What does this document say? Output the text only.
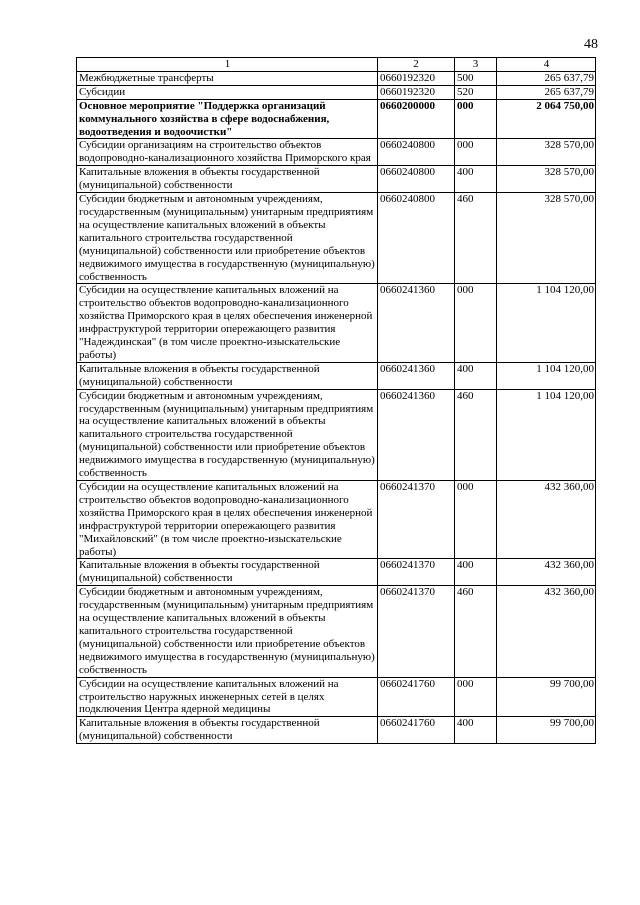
48
1	2	3	4
Межбюджетные трансферты	0660192320	500	265 637,79
Субсидии	0660192320	520	265 637,79
Основное мероприятие "Поддержка организаций коммунального хозяйства в сфере водоснабжения, водоотведения и водоочистки"	0660200000	000	2 064 750,00
Субсидии организациям на строительство объектов водопроводно-канализационного хозяйства Приморского края	0660240800	000	328 570,00
Капитальные вложения в объекты государственной (муниципальной) собственности	0660240800	400	328 570,00
Субсидии бюджетным и автономным учреждениям, государственным (муниципальным) унитарным предприятиям на осуществление капитальных вложений в объекты капитального строительства государственной (муниципальной) собственности или приобретение объектов недвижимого имущества в государственную (муниципальную) собственность	0660240800	460	328 570,00
Субсидии на осуществление капитальных вложений на строительство объектов водопроводно-канализационного хозяйства Приморского края в целях обеспечения инженерной инфраструктурой территории опережающего развития "Надеждинская" (в том числе проектно-изыскательские работы)	0660241360	000	1 104 120,00
Капитальные вложения в объекты государственной (муниципальной) собственности	0660241360	400	1 104 120,00
Субсидии бюджетным и автономным учреждениям, государственным (муниципальным) унитарным предприятиям на осуществление капитальных вложений в объекты капитального строительства государственной (муниципальной) собственности или приобретение объектов недвижимого имущества в государственную (муниципальную) собственность	0660241360	460	1 104 120,00
Субсидии на осуществление капитальных вложений на строительство объектов водопроводно-канализационного хозяйства Приморского края в целях обеспечения инженерной инфраструктурой территории опережающего развития "Михайловский" (в том числе проектно-изыскательские работы)	0660241370	000	432 360,00
Капитальные вложения в объекты государственной (муниципальной) собственности	0660241370	400	432 360,00
Субсидии бюджетным и автономным учреждениям, государственным (муниципальным) унитарным предприятиям на осуществление капитальных вложений в объекты капитального строительства государственной (муниципальной) собственности или приобретение объектов недвижимого имущества в государственную (муниципальную) собственность	0660241370	460	432 360,00
Субсидии на осуществление капитальных вложений на строительство наружных инженерных сетей в целях подключения Центра ядерной медицины	0660241760	000	99 700,00
Капитальные вложения в объекты государственной (муниципальной) собственности	0660241760	400	99 700,00
